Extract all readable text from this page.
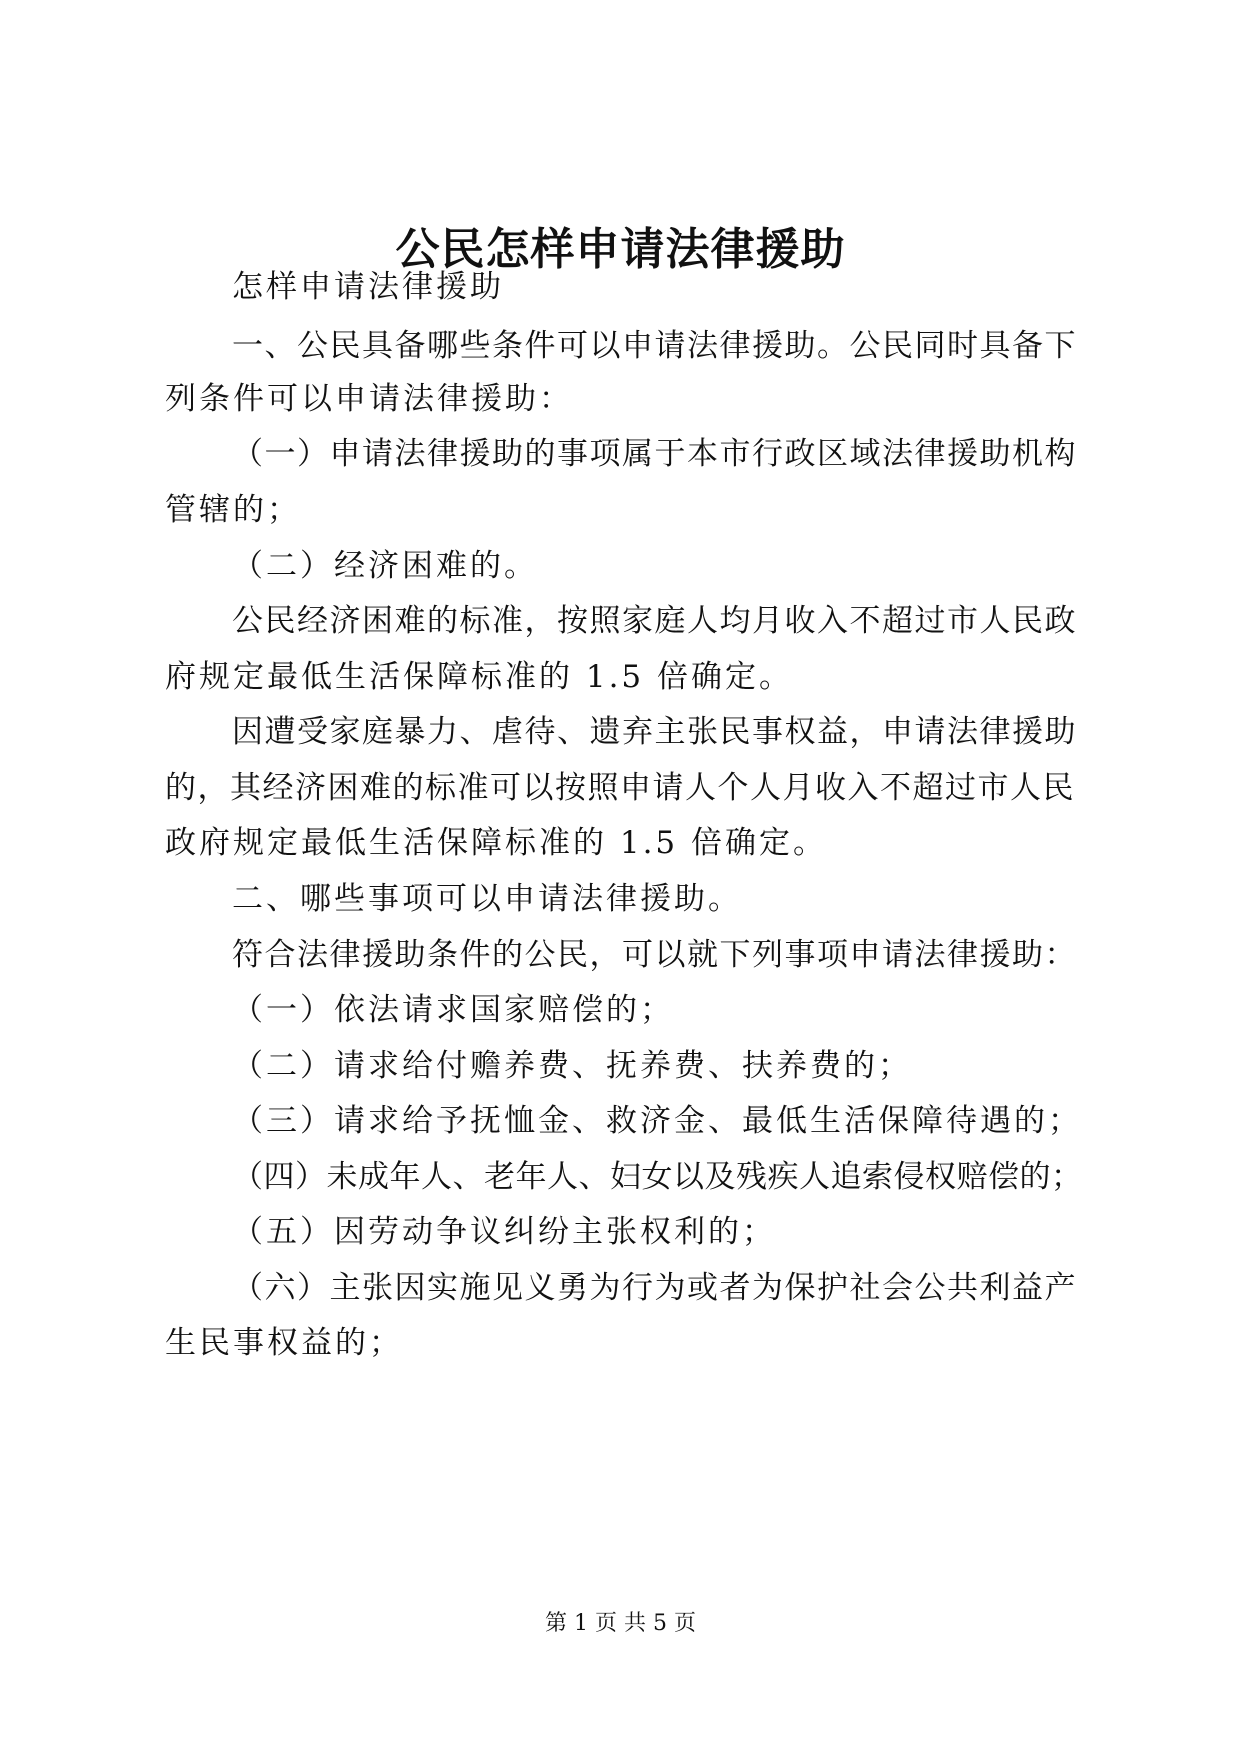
公民怎样申请法律援助
怎样申请法律援助
一、公民具备哪些条件可以申请法律援助。公民同时具备下
列条件可以申请法律援助：
（一）申请法律援助的事项属于本市行政区域法律援助机构
管辖的；
（二）经济困难的。
公民经济困难的标准，按照家庭人均月收入不超过市人民政
府规定最低生活保障标准的 1.5 倍确定。
因遭受家庭暴力、虐待、遗弃主张民事权益，申请法律援助
的，其经济困难的标准可以按照申请人个人月收入不超过市人民
政府规定最低生活保障标准的 1.5 倍确定。
二、哪些事项可以申请法律援助。
符合法律援助条件的公民，可以就下列事项申请法律援助：
（一）依法请求国家赔偿的；
（二）请求给付赡养费、抚养费、扶养费的；
（三）请求给予抚恤金、救济金、最低生活保障待遇的；
（四）未成年人、老年人、妇女以及残疾人追索侵权赔偿的；
（五）因劳动争议纠纷主张权利的；
（六）主张因实施见义勇为行为或者为保护社会公共利益产
生民事权益的；
第 1 页 共 5 页
